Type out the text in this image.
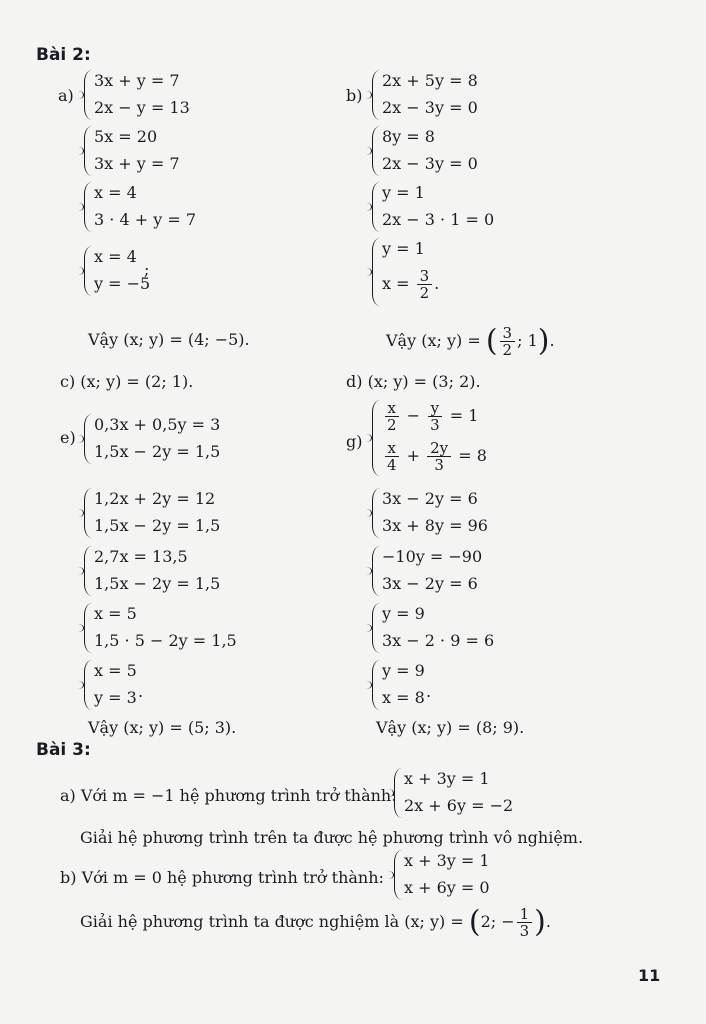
Bài 2:
a)
3x + y = 7
2x − y = 13
5x = 20
3x + y = 7
x = 4
3 · 4 + y = 7
x = 4
y = −5
;
Vậy (x; y) = (4; −5).
b)
2x + 5y = 8
2x − 3y = 0
8y = 8
2x − 3y = 0
y = 1
2x − 3 · 1 = 0
y = 1
$x = \frac{3}{2}$ .
Vậy (x; y) = ( $\frac{3}{2}$ ; 1).
c) (x; y) = (2; 1).	d) (x; y) = (3; 2).
e)
0,3x + 0,5y = 3
1,5x − 2y = 1,5
1,2x + 2y = 12
1,5x − 2y = 1,5
2,7x = 13,5
1,5x − 2y = 1,5
x = 5
1,5 · 5 − 2y = 1,5
x = 5
y = 3 .
Vậy (x; y) = (5; 3).
g)
$\frac{x}{2} - \frac{y}{3} = 1$
$\frac{x}{4} + \frac{2y}{3} = 8$
3x − 2y = 6
3x + 8y = 96
−10y = −90
3x − 2y = 6
y = 9
3x − 2 · 9 = 6
y = 9
x = 8 .
Vậy (x; y) = (8; 9).
Bài 3:
a) Với m = −1 hệ phương trình trở thành:
x + 3y = 1
2x + 6y = −2
Giải hệ phương trình trên ta được hệ phương trình vô nghiệm.
b) Với m = 0 hệ phương trình trở thành:
x + 3y = 1
x + 6y = 0
Giải hệ phương trình ta được nghiệm là (x; y) = (2; − $\frac{1}{3}$ ).
11
